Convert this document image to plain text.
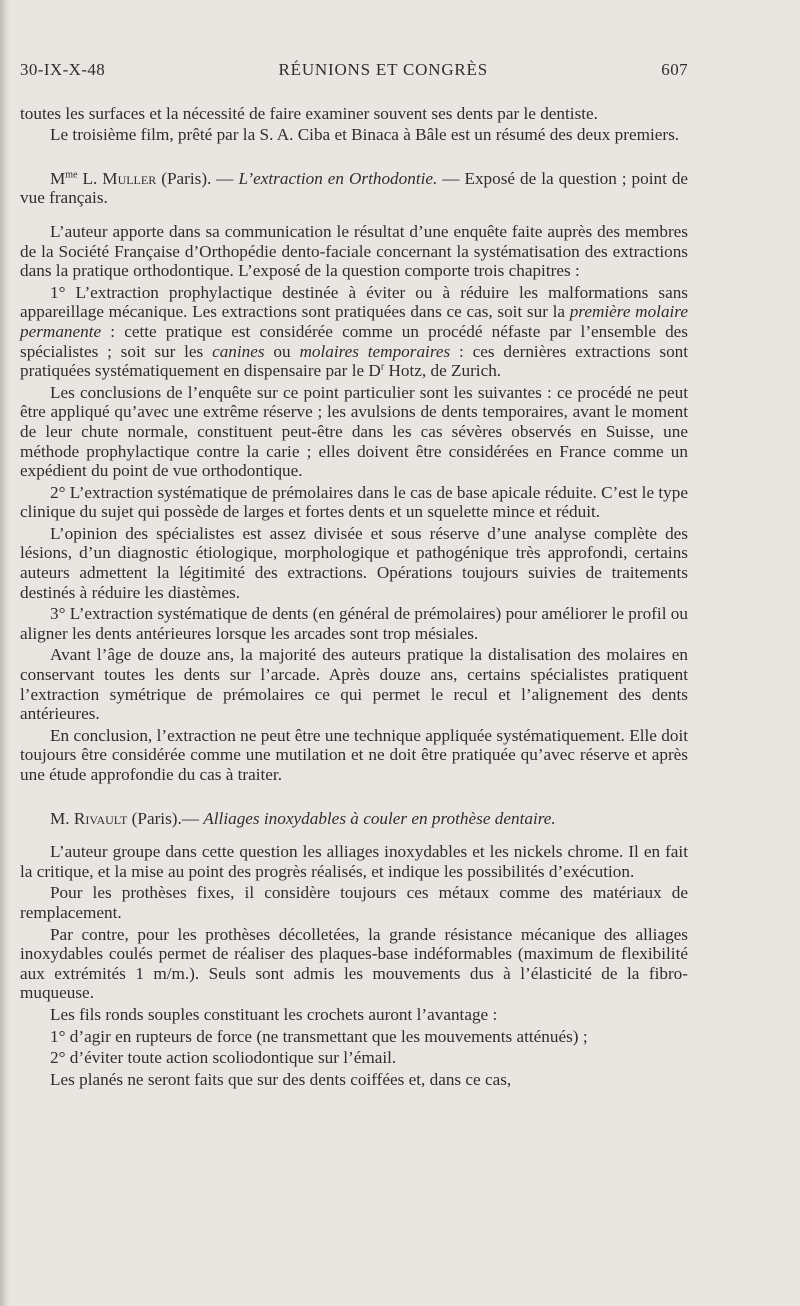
30-IX-X-48	RÉUNIONS ET CONGRÈS	607

toutes les surfaces et la nécessité de faire examiner souvent ses dents par le dentiste.

Le troisième film, prêté par la S. A. Ciba et Binaca à Bâle est un résumé des deux premiers.

$M^{me}$ L. Muller (Paris). — L’extraction en Orthodontie. — Exposé de la question ; point de vue français.

L’auteur apporte dans sa communication le résultat d’une enquête faite auprès des membres de la Société Française d’Orthopédie dento-faciale concernant la systématisation des extractions dans la pratique orthodontique. L’exposé de la question comporte trois chapitres :

1° L’extraction prophylactique destinée à éviter ou à réduire les malformations sans appareillage mécanique. Les extractions sont pratiquées dans ce cas, soit sur la première molaire permanente : cette pratique est considérée comme un procédé néfaste par l’ensemble des spécialistes ; soit sur les canines ou molaires temporaires : ces dernières extractions sont pratiquées systématiquement en dispensaire par le $D^r$ Hotz, de Zurich.

Les conclusions de l’enquête sur ce point particulier sont les suivantes : ce procédé ne peut être appliqué qu’avec une extrême réserve ; les avulsions de dents temporaires, avant le moment de leur chute normale, constituent peut-être dans les cas sévères observés en Suisse, une méthode prophylactique contre la carie ; elles doivent être considérées en France comme un expédient du point de vue orthodontique.

2° L’extraction systématique de prémolaires dans le cas de base apicale réduite. C’est le type clinique du sujet qui possède de larges et fortes dents et un squelette mince et réduit.

L’opinion des spécialistes est assez divisée et sous réserve d’une analyse complète des lésions, d’un diagnostic étiologique, morphologique et pathogénique très approfondi, certains auteurs admettent la légitimité des extractions. Opérations toujours suivies de traitements destinés à réduire les diastèmes.

3° L’extraction systématique de dents (en général de prémolaires) pour améliorer le profil ou aligner les dents antérieures lorsque les arcades sont trop mésiales.

Avant l’âge de douze ans, la majorité des auteurs pratique la distalisation des molaires en conservant toutes les dents sur l’arcade. Après douze ans, certains spécialistes pratiquent l’extraction symétrique de prémolaires ce qui permet le recul et l’alignement des dents antérieures.

En conclusion, l’extraction ne peut être une technique appliquée systématiquement. Elle doit toujours être considérée comme une mutilation et ne doit être pratiquée qu’avec réserve et après une étude approfondie du cas à traiter.

M. Rivault (Paris).— Alliages inoxydables à couler en prothèse dentaire.

L’auteur groupe dans cette question les alliages inoxydables et les nickels chrome. Il en fait la critique, et la mise au point des progrès réalisés, et indique les possibilités d’exécution.

Pour les prothèses fixes, il considère toujours ces métaux comme des matériaux de remplacement.

Par contre, pour les prothèses décolletées, la grande résistance mécanique des alliages inoxydables coulés permet de réaliser des plaques-base indéformables (maximum de flexibilité aux extrémités 1 m/m.). Seuls sont admis les mouvements dus à l’élasticité de la fibro-muqueuse.

Les fils ronds souples constituant les crochets auront l’avantage :

1° d’agir en rupteurs de force (ne transmettant que les mouvements atténués) ;

2° d’éviter toute action scoliodontique sur l’émail.

Les planés ne seront faits que sur des dents coiffées et, dans ce cas,
